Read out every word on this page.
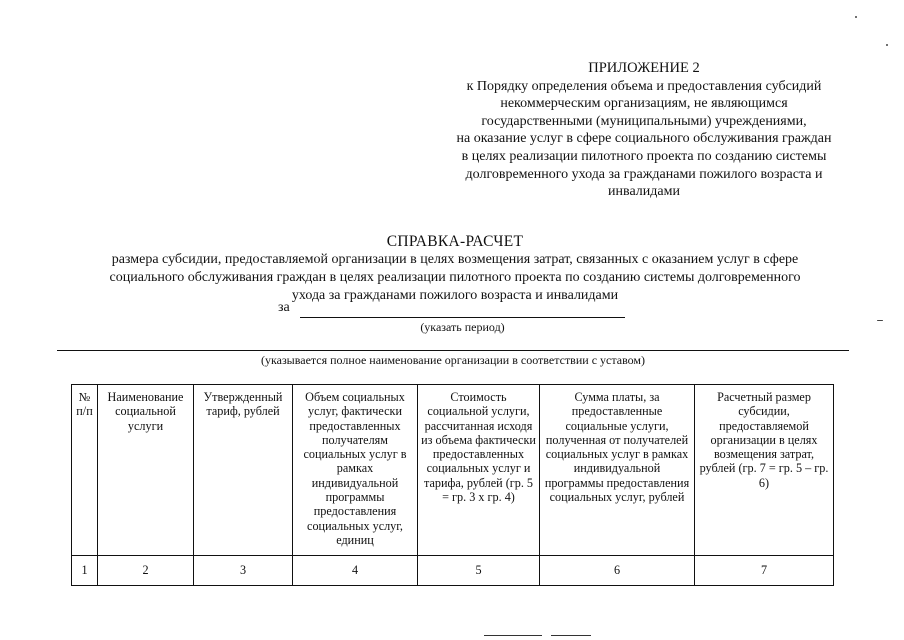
ПРИЛОЖЕНИЕ 2
к Порядку определения объема и предоставления субсидий
некоммерческим организациям, не являющимся
государственными (муниципальными) учреждениями,
на оказание услуг в сфере социального обслуживания граждан
в целях реализации пилотного проекта по созданию системы
долговременного ухода за гражданами пожилого возраста и
инвалидами
СПРАВКА-РАСЧЕТ
размера субсидии, предоставляемой организации в целях возмещения затрат, связанных с оказанием услуг в сфере
социального обслуживания граждан в целях реализации пилотного проекта по созданию системы долговременного
ухода за гражданами пожилого возраста и инвалидами
за
(указать период)
(указывается полное наименование организации в соответствии с уставом)
№ п/п	Наименование социальной услуги	Утвержденный тариф, рублей	Объем социальных услуг, фактически предоставленных получателям социальных услуг в рамках индивидуальной программы предоставления социальных услуг, единиц	Стоимость социальной услуги, рассчитанная исходя из объема фактически предоставленных социальных услуг и тарифа, рублей (гр. 5 = гр. 3 х гр. 4)	Сумма платы, за предоставленные социальные услуги, полученная от получателей социальных услуг в рамках индивидуальной программы предоставления социальных услуг, рублей	Расчетный размер субсидии, предоставляемой организации в целях возмещения затрат, рублей (гр. 7 = гр. 5 – гр. 6)
1	2	3	4	5	6	7
